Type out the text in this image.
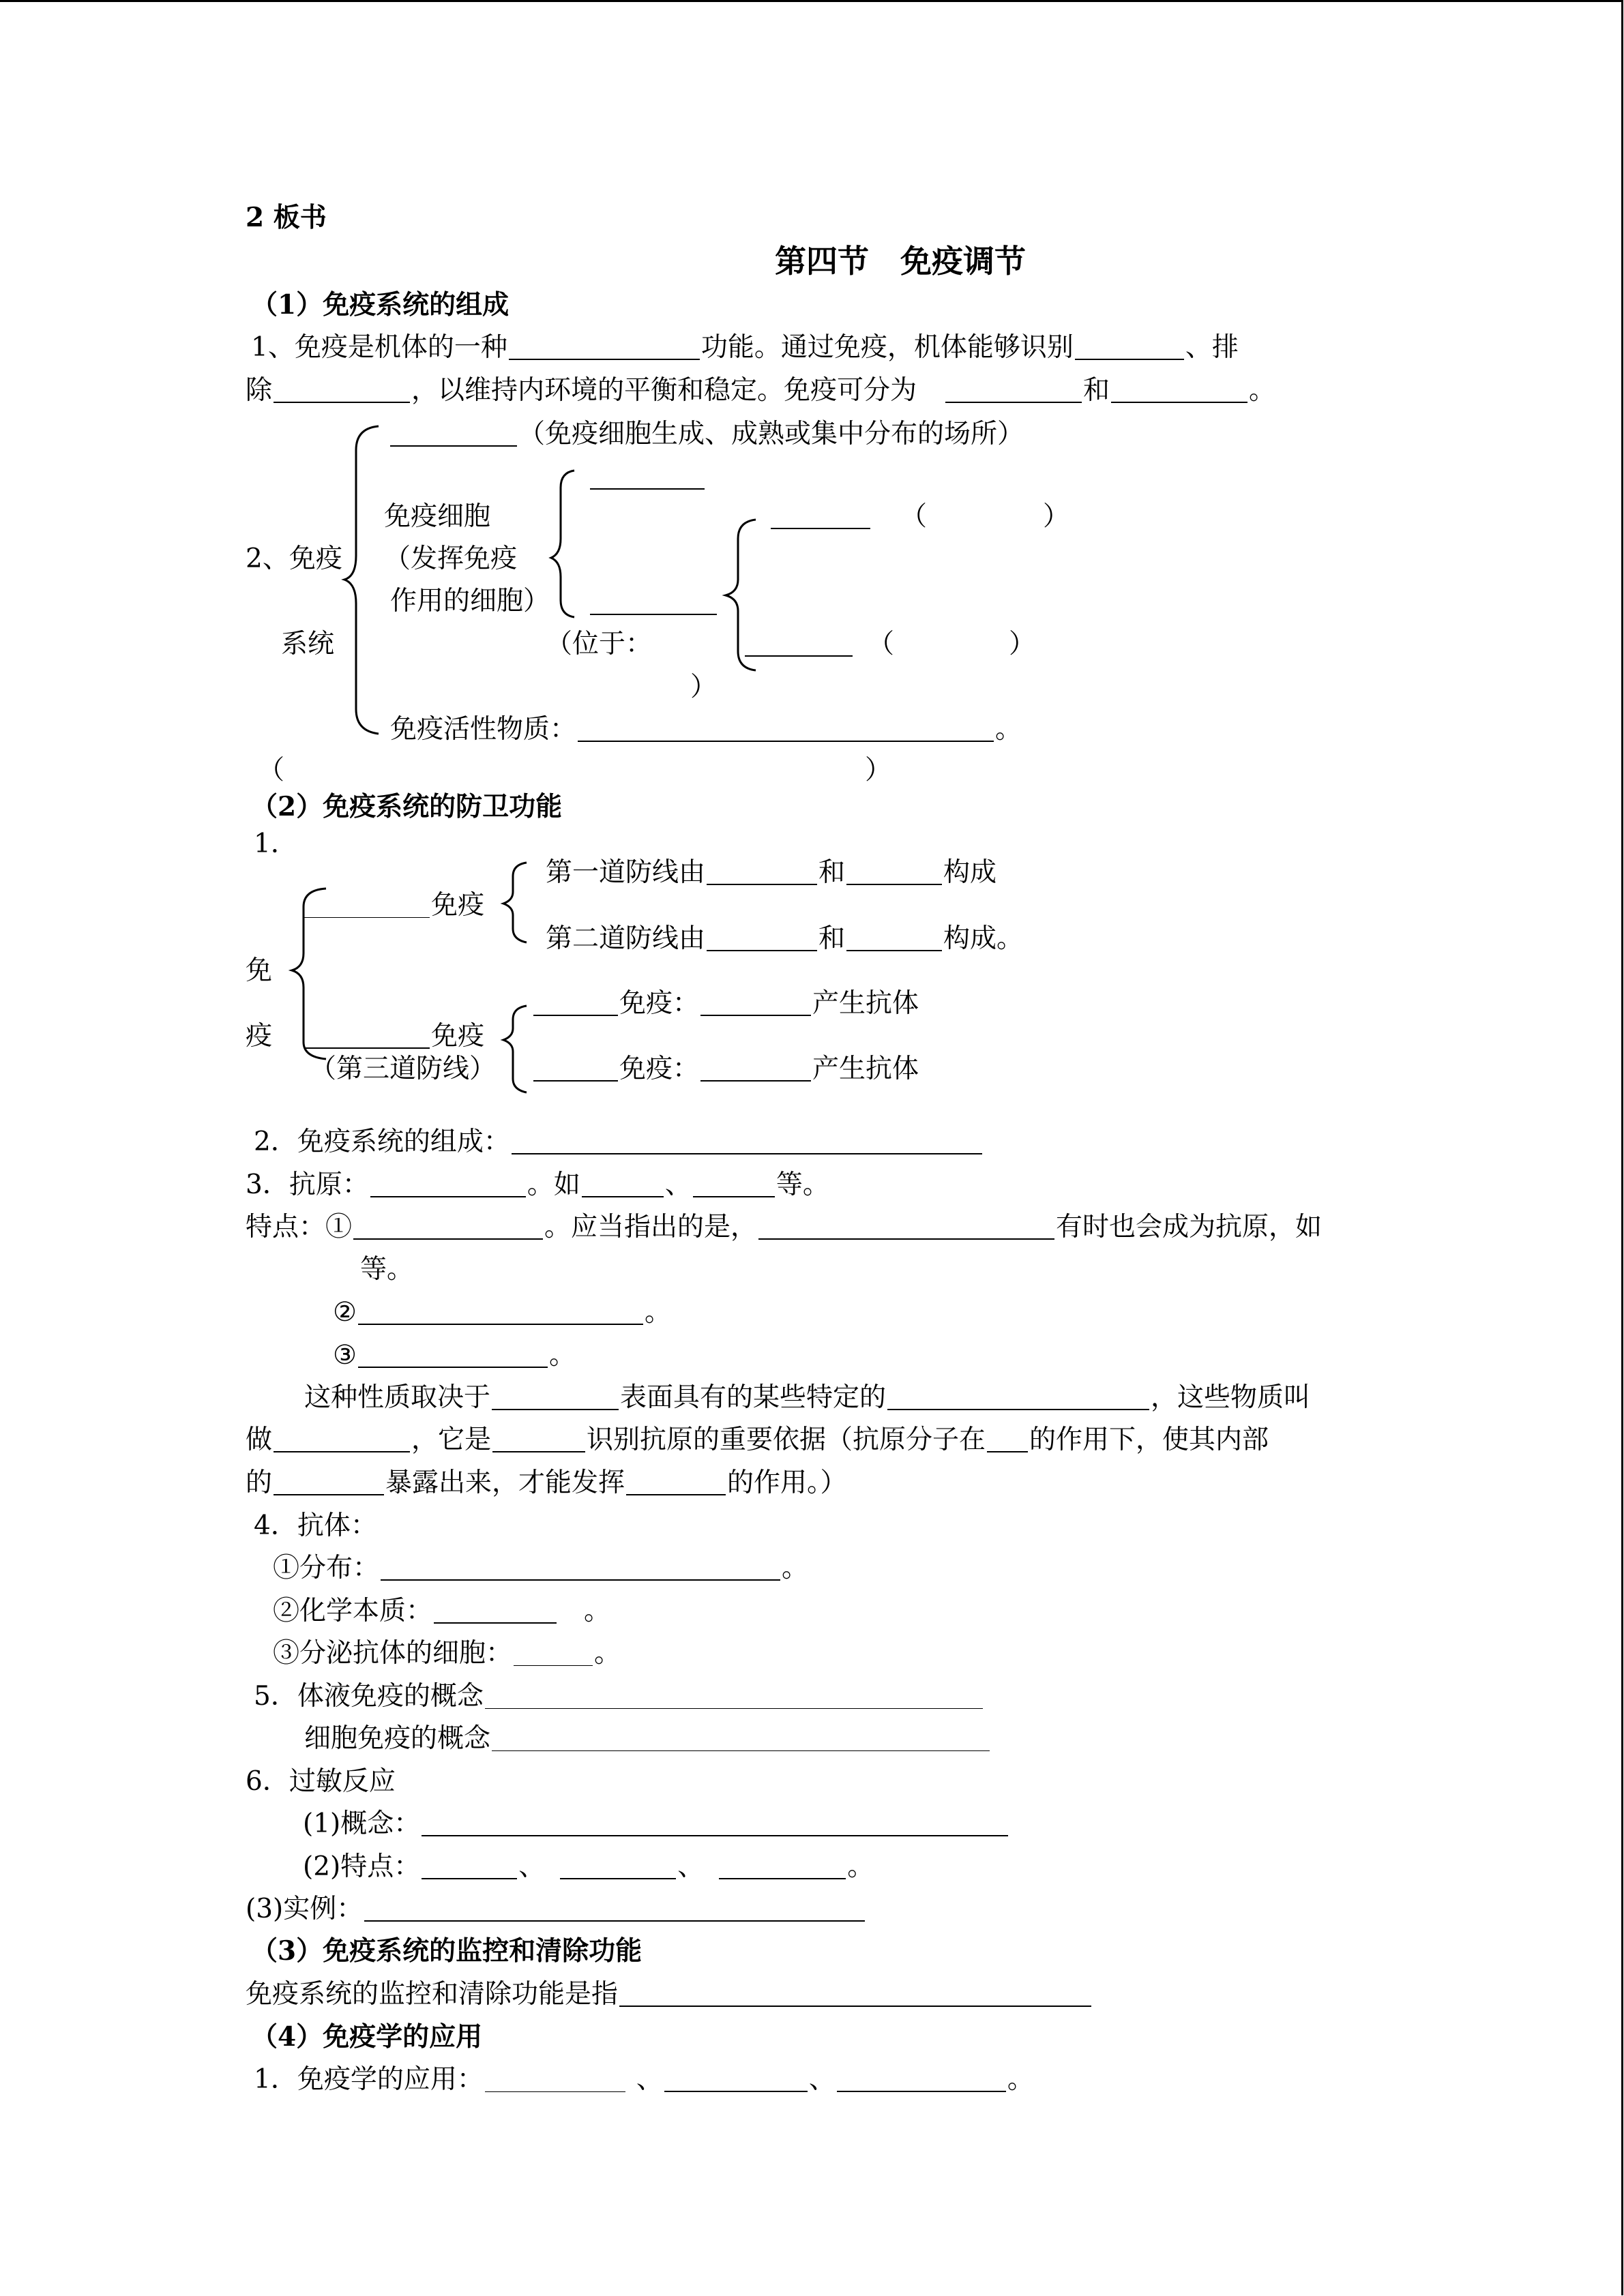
2 板书
第四节　免疫调节
（1）免疫系统的组成
1、免疫是机体的一种	功能。通过免疫，机体能够识别	、排
除	，以维持内环境的平衡和稳定。免疫可分为	和	。
（免疫细胞生成、成熟或集中分布的场所）
2、免疫
系统
免疫细胞
（发挥免疫
作用的细胞）
（位于：
）
（	）
（	）
免疫活性物质：	。
（	）
（2）免疫系统的防卫功能
1．
免
疫
免疫
第一道防线由	和	构成
第二道防线由	和	构成。
免疫
（第三道防线）
免疫：	产生抗体
免疫：	产生抗体
2．免疫系统的组成：
3．抗原：	。如	、	等。
特点：①	。应当指出的是，	有时也会成为抗原，如
等。
②	。
③	。
这种性质取决于	表面具有的某些特定的	，这些物质叫
做	，它是	识别抗原的重要依据（抗原分子在 的作用下，使其内部
的	暴露出来，才能发挥	的作用。）
4．抗体：
①分布：	。
②化学本质：	。
③分泌抗体的细胞：	。
5．体液免疫的概念
细胞免疫的概念
6．过敏反应
(1)概念：
(2)特点：	、	、	。
(3)实例：
（3）免疫系统的监控和清除功能
免疫系统的监控和清除功能是指
（4）免疫学的应用
1．免疫学的应用：	、	、	。
